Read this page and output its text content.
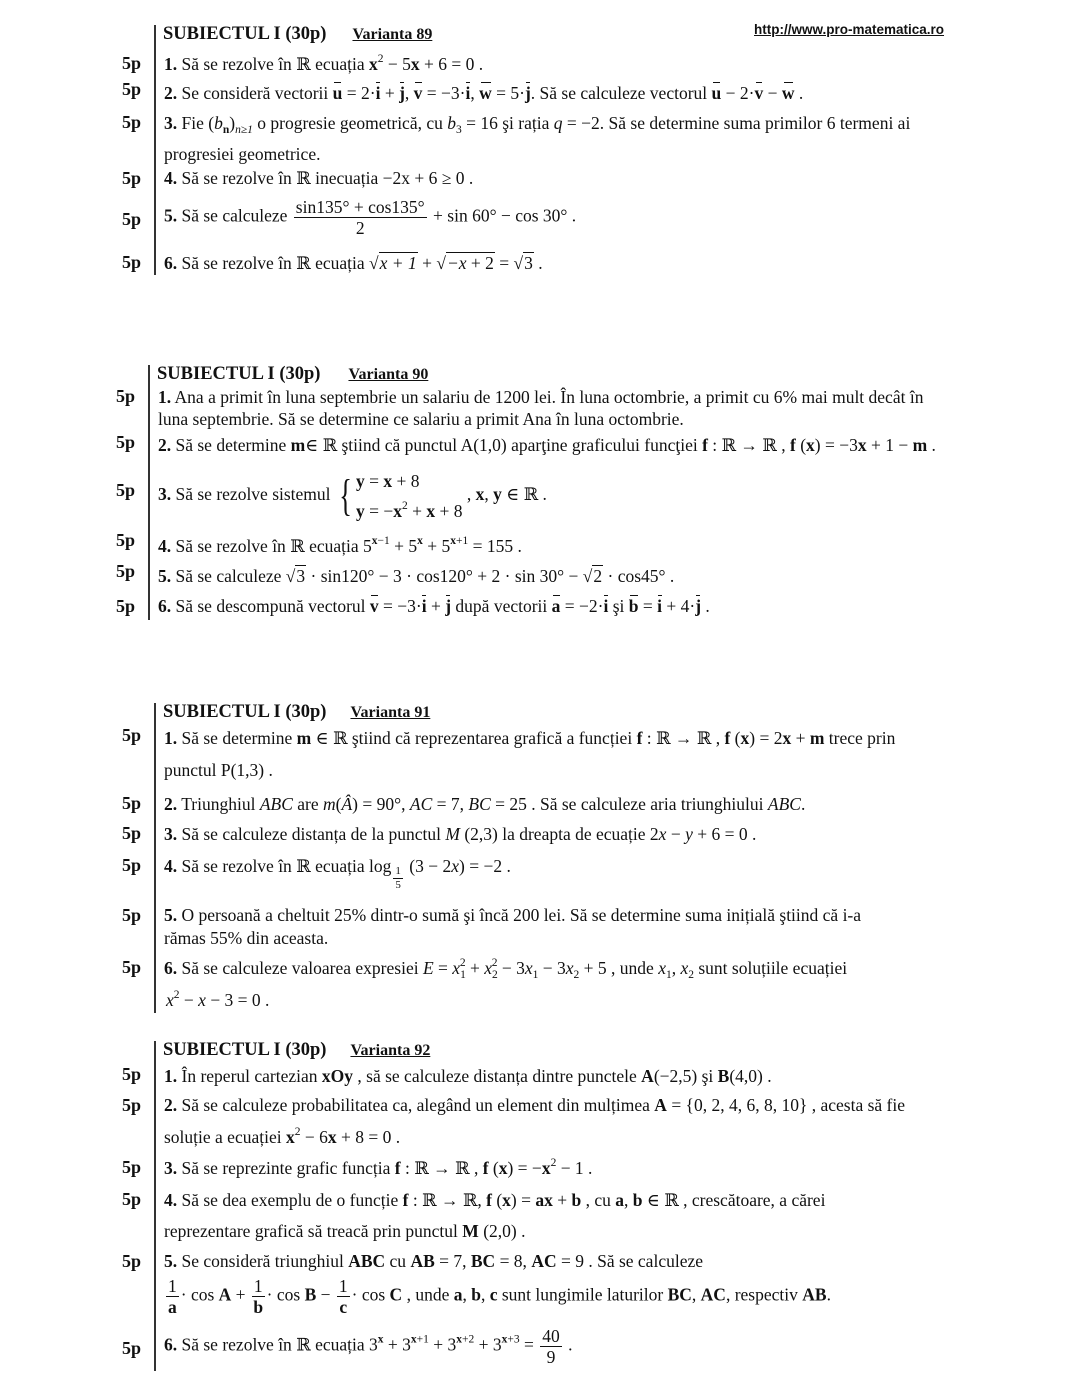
http://www.pro-matematica.ro
SUBIECTUL I (30p) Varianta 89
5p 1. Să se rezolve în ℝ ecuația $x^2 - 5x + 6 = 0$ .
5p 2. Se consideră vectorii u = 2·i + j, v = −3·i, w = 5·j. Să se calculeze vectorul u − 2·v − w .
5p 3. Fie $(b_n)_{n\ge 1}$ o progresie geometrică, cu $b_3 = 16$ şi rația q = −2. Să se determine suma primilor 6 termeni ai
progresiei geometrice.
5p 4. Să se rezolve în ℝ inecuația −2x + 6 ≥ 0 .
5p 5. Să se calculeze $\frac{\sin 135^\circ + \cos 135^\circ}{2} + \sin 60^\circ - \cos 30^\circ$ .
5p 6. Să se rezolve în ℝ ecuația √x + 1 + √−x + 2 = √3 .
SUBIECTUL I (30p) Varianta 90
5p 1. Ana a primit în luna septembrie un salariu de 1200 lei. În luna octombrie, a primit cu 6% mai mult decât în
luna septembrie. Să se determine ce salariu a primit Ana în luna octombrie.
5p 2. Să se determine m∈ ℝ ştiind că punctul A(1,0) aparţine graficului funcţiei f : ℝ → ℝ , f (x) = −3x + 1 − m .
5p 3. Să se rezolve sistemul { y = x + 8
$y = -x^2 + x + 8$ , x, y ∈ ℝ .
5p 4. Să se rezolve în ℝ ecuația $5^{x-1} + 5^x + 5^{x+1} = 155$ .
5p 5. Să se calculeze √3 · sin120° − 3 · cos120° + 2 · sin 30° − √2 · cos45° .
5p 6. Să se descompună vectorul v = −3·i + j după vectorii a = −2·i şi b = i + 4·j .
SUBIECTUL I (30p) Varianta 91
5p 1. Să se determine m ∈ ℝ ştiind că reprezentarea grafică a funcției f : ℝ → ℝ , f (x) = 2x + m trece prin
punctul P(1,3) .
5p 2. Triunghiul ABC are m(Â) = 90°, AC = 7, BC = 25 . Să se calculeze aria triunghiului ABC.
5p 3. Să se calculeze distanța de la punctul M (2,3) la dreapta de ecuație 2x − y + 6 = 0 .
5p 4. Să se rezolve în ℝ ecuația $\log \frac{1}{5} (3 - 2x) = -2$ .
5p 5. O persoană a cheltuit 25% dintr-o sumă şi încă 200 lei. Să se determine suma inițială ştiind că i-a
rămas 55% din aceasta.
5p 6. Să se calculeze valoarea expresiei $E = x_1^2 + x_2^2 - 3x_1 - 3x_2 + 5$ , unde $x_1$, $x_2$ sunt soluțiile ecuației
$x^2 - x - 3 = 0$ .
SUBIECTUL I (30p) Varianta 92
5p 1. În reperul cartezian xOy , să se calculeze distanța dintre punctele A(−2,5) şi B(4,0) .
5p 2. Să se calculeze probabilitatea ca, alegând un element din mulțimea A = {0, 2, 4, 6, 8, 10} , acesta să fie
soluție a ecuației $x^2 - 6x + 8 = 0$ .
5p 3. Să se reprezinte grafic funcția f : ℝ → ℝ , f $(x) = -x^2 - 1$ .
5p 4. Să se dea exemplu de o funcție f : ℝ → ℝ, f (x) = ax + b , cu a, b ∈ ℝ , crescătoare, a cărei
reprezentare grafică să treacă prin punctul M (2,0) .
5p 5. Se consideră triunghiul ABC cu AB = 7, BC = 8, AC = 9 . Să se calculeze
$\frac{1}{a} \cdot \cos A + \frac{1}{b} \cdot \cos B - \frac{1}{c} \cdot \cos C$ , unde a, b, c sunt lungimile laturilor BC, AC, respectiv AB.
5p 6. Să se rezolve în ℝ ecuația $3^x + 3^{x+1} + 3^{x+2} + 3^{x+3} = \frac{40}{9}$ .
